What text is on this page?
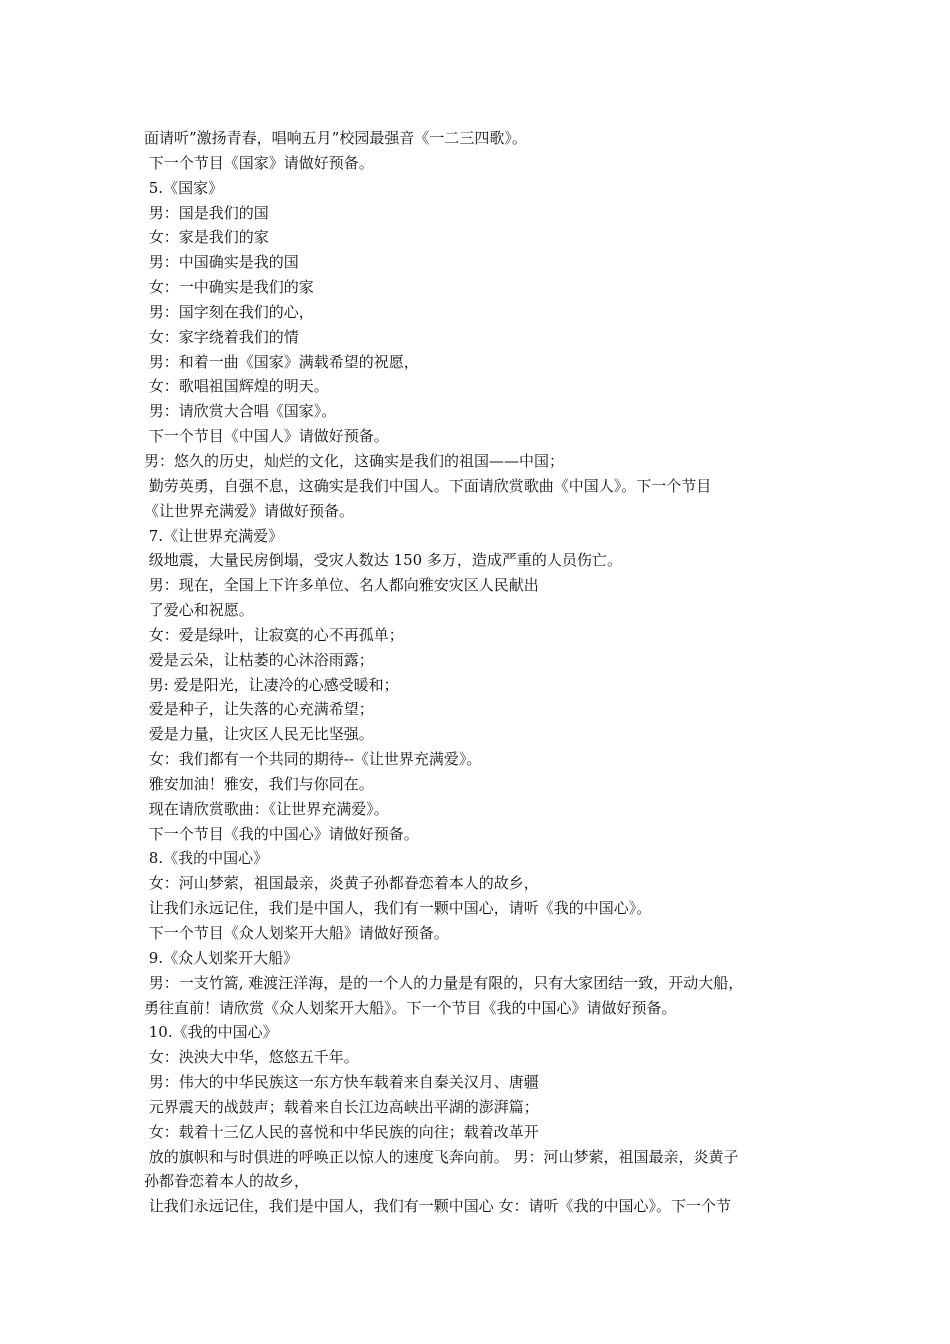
面请听”激扬青春，唱响五月”校园最强音《一二三四歌》。
下一个节目《国家》请做好预备。
5.《国家》
男：国是我们的国
女：家是我们的家
男：中国确实是我的国
女：一中确实是我们的家
男：国字刻在我们的心，
女：家字绕着我们的情
男：和着一曲《国家》满载希望的祝愿，
女：歌唱祖国辉煌的明天。
男：请欣赏大合唱《国家》。
下一个节目《中国人》请做好预备。
男：悠久的历史，灿烂的文化，这确实是我们的祖国——中国；
勤劳英勇，自强不息，这确实是我们中国人。下面请欣赏歌曲《中国人》。下一个节目
《让世界充满爱》请做好预备。
7.《让世界充满爱》
级地震，大量民房倒塌，受灾人数达 150 多万，造成严重的人员伤亡。
男：现在，全国上下许多单位、名人都向雅安灾区人民献出
了爱心和祝愿。
女：爱是绿叶，让寂寞的心不再孤单；
爱是云朵，让枯萎的心沐浴雨露；
男: 爱是阳光，让凄冷的心感受暖和；
爱是种子，让失落的心充满希望；
爱是力量，让灾区人民无比坚强。
女：我们都有一个共同的期待--《让世界充满爱》。
雅安加油！雅安，我们与你同在。
现在请欣赏歌曲：《让世界充满爱》。
下一个节目《我的中国心》请做好预备。
8.《我的中国心》
女：河山梦萦，祖国最亲，炎黄子孙都眷恋着本人的故乡，
让我们永远记住，我们是中国人，我们有一颗中国心，请听《我的中国心》。
下一个节目《众人划桨开大船》请做好预备。
9.《众人划桨开大船》
男：一支竹篙, 难渡汪洋海，是的一个人的力量是有限的，只有大家团结一致，开动大船，
勇往直前！请欣赏《众人划桨开大船》。下一个节目《我的中国心》请做好预备。
10.《我的中国心》
女：泱泱大中华，悠悠五千年。
男：伟大的中华民族这一东方快车载着来自秦关汉月、唐疆
元界震天的战鼓声；载着来自长江边高峡出平湖的澎湃篇；
女：载着十三亿人民的喜悦和中华民族的向往；载着改革开
放的旗帜和与时俱进的呼唤正以惊人的速度飞奔向前。 男：河山梦萦，祖国最亲，炎黄子
孙都眷恋着本人的故乡，
让我们永远记住，我们是中国人，我们有一颗中国心 女：请听《我的中国心》。下一个节
